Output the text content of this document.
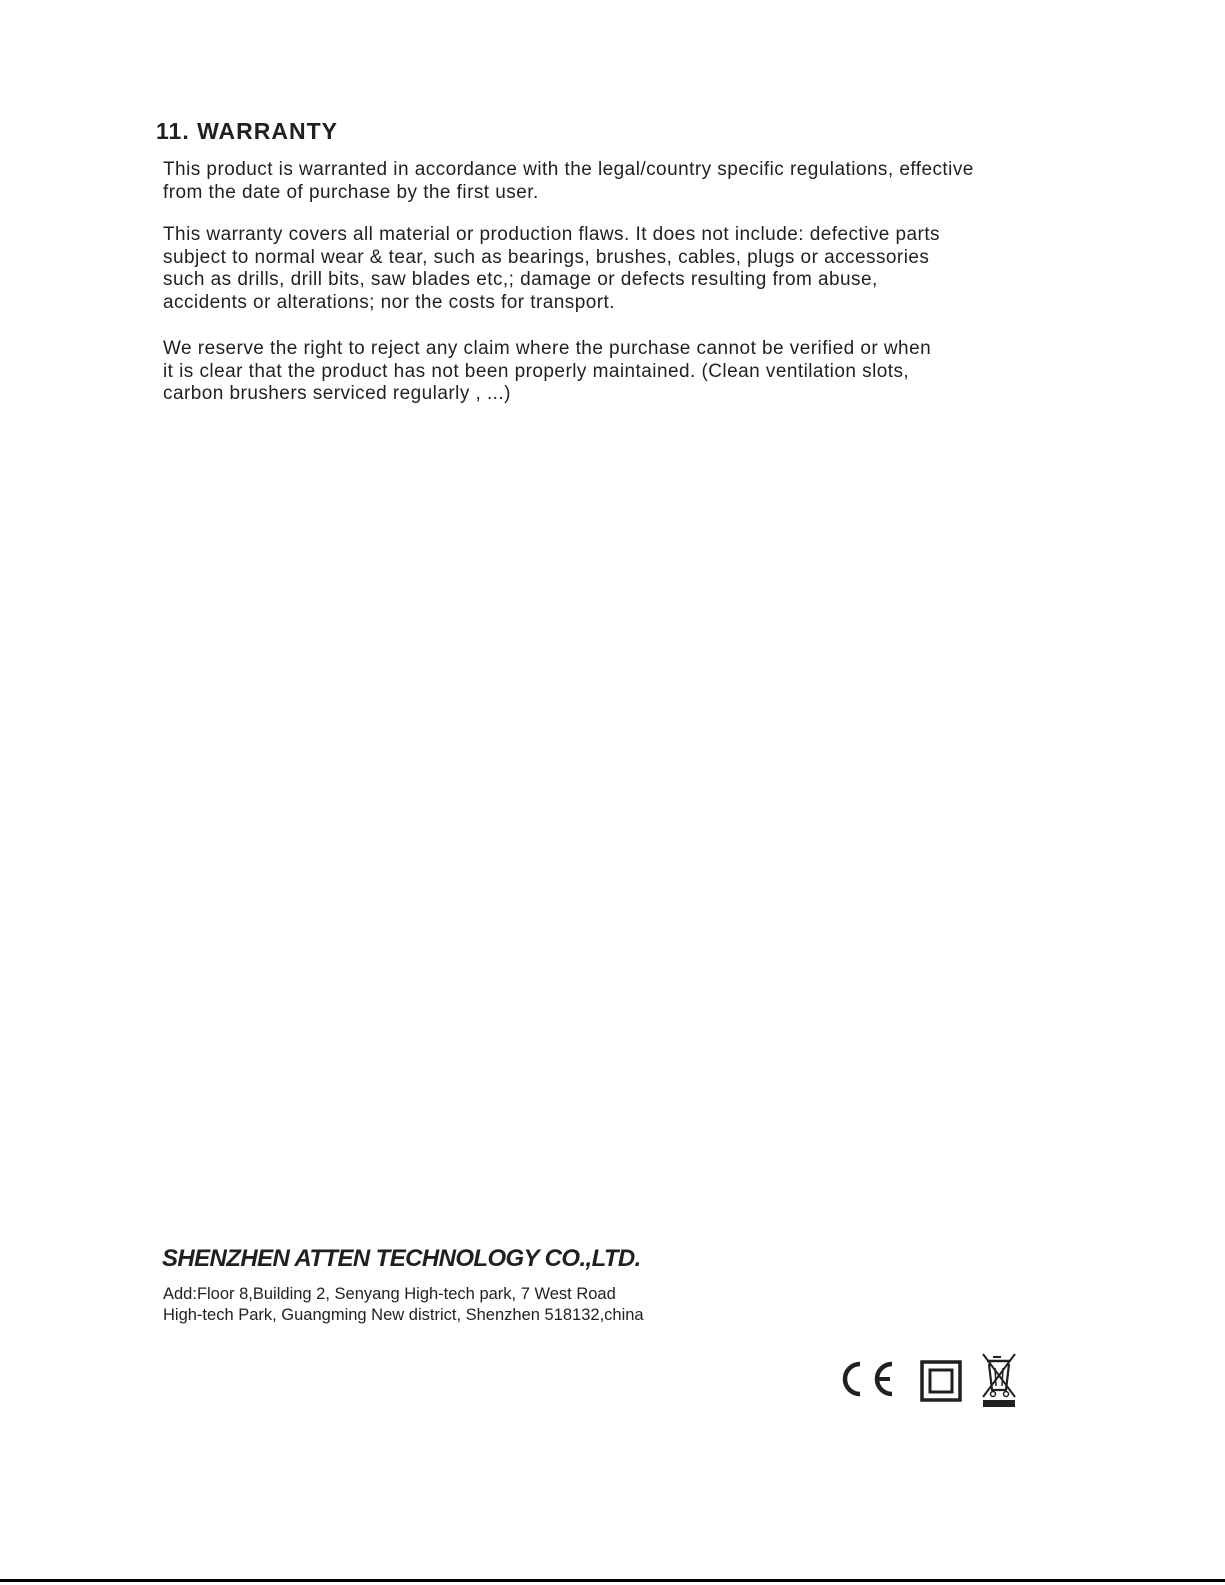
11. WARRANTY

This product is warranted in accordance with the legal/country specific regulations, effective
from the date of purchase by the first user.

This warranty covers all material or production flaws. It does not include: defective parts
subject to normal wear & tear, such as bearings, brushes, cables, plugs or accessories
such as drills, drill bits, saw blades etc,; damage or defects resulting from abuse,
accidents or alterations; nor the costs for transport.

We reserve the right to reject any claim where the purchase cannot be verified or when
it is clear that the product has not been properly maintained. (Clean ventilation slots,
carbon brushers serviced regularly , ...)

SHENZHEN ATTEN TECHNOLOGY CO.,LTD.

Add:Floor 8,Building 2, Senyang High-tech park, 7 West Road
High-tech Park, Guangming New district, Shenzhen 518132,china
